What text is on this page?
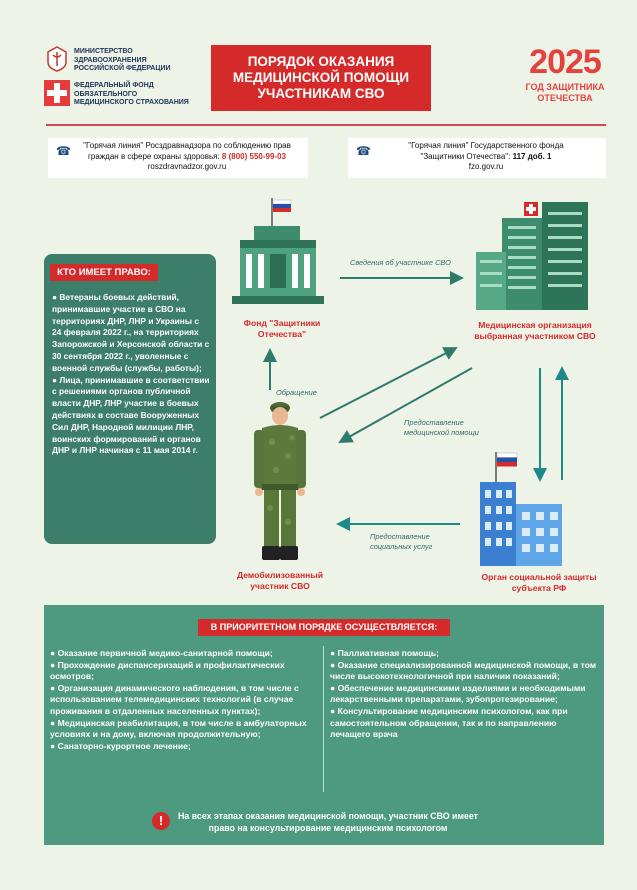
МИНИСТЕРСТВО
ЗДРАВООХРАНЕНИЯ
РОССИЙСКОЙ ФЕДЕРАЦИИ
ФЕДЕРАЛЬНЫЙ ФОНД
ОБЯЗАТЕЛЬНОГО
МЕДИЦИНСКОГО СТРАХОВАНИЯ
ПОРЯДОК ОКАЗАНИЯ МЕДИЦИНСКОЙ ПОМОЩИ УЧАСТНИКАМ СВО
2025
ГОД ЗАЩИТНИКА ОТЕЧЕСТВА
☎	"Горячая линия" Росздравнадзора по соблюдению прав
граждан в сфере охраны здоровья: 8 (800) 550-99-03
roszdravnadzor.gov.ru
☎	"Горячая линия" Государственного фонда
"Защитники Отечества": 117 доб. 1
fzo.gov.ru
КТО ИМЕЕТ ПРАВО:

● Ветераны боевых действий, принимавшие участие в СВО на территориях ДНР, ЛНР и Украины с 24 февраля 2022 г., на территориях Запорожской и Херсонской области с 30 сентября 2022 г., уволенные с военной службы (службы, работы);

● Лица, принимавшие в соответствии с решениями органов публичной власти ДНР, ЛНР участие в боевых действиях в составе Вооруженных Сил ДНР, Народной милиции ЛНР, воинских формирований и органов ДНР и ЛНР начиная с 11 мая 2014 г.

Фонд "Защитники Отечества"
Медицинская организация выбранная участником СВО
Орган социальной защиты субъекта РФ
Демобилизованный участник СВО
Сведения об участнике СВО
Обращение
Предоставление медицинской помощи
Предоставление социальных услуг
В ПРИОРИТЕТНОМ ПОРЯДКЕ ОСУЩЕСТВЛЯЕТСЯ:

● Оказание первичной медико-санитарной помощи;

● Прохождение диспансеризаций и профилактических осмотров;

● Организация динамического наблюдения, в том числе с использованием телемедицинских технологий (в случае проживания в отдаленных населенных пунктах);

● Медицинская реабилитация, в том числе в амбулаторных условиях и на дому, включая продолжительную;

● Санаторно-курортное лечение;

● Паллиативная помощь;

● Оказание специализированной медицинской помощи, в том числе высокотехнологичной при наличии показаний;

● Обеспечение медицинскими изделиями и необходимыми лекарственными препаратами, зубопротезирование;

● Консультирование медицинским психологом, как при самостоятельном обращении, так и по направлению лечащего врача

!	На всех этапах оказания медицинской помощи, участник СВО имеет право на консультирование медицинским психологом
